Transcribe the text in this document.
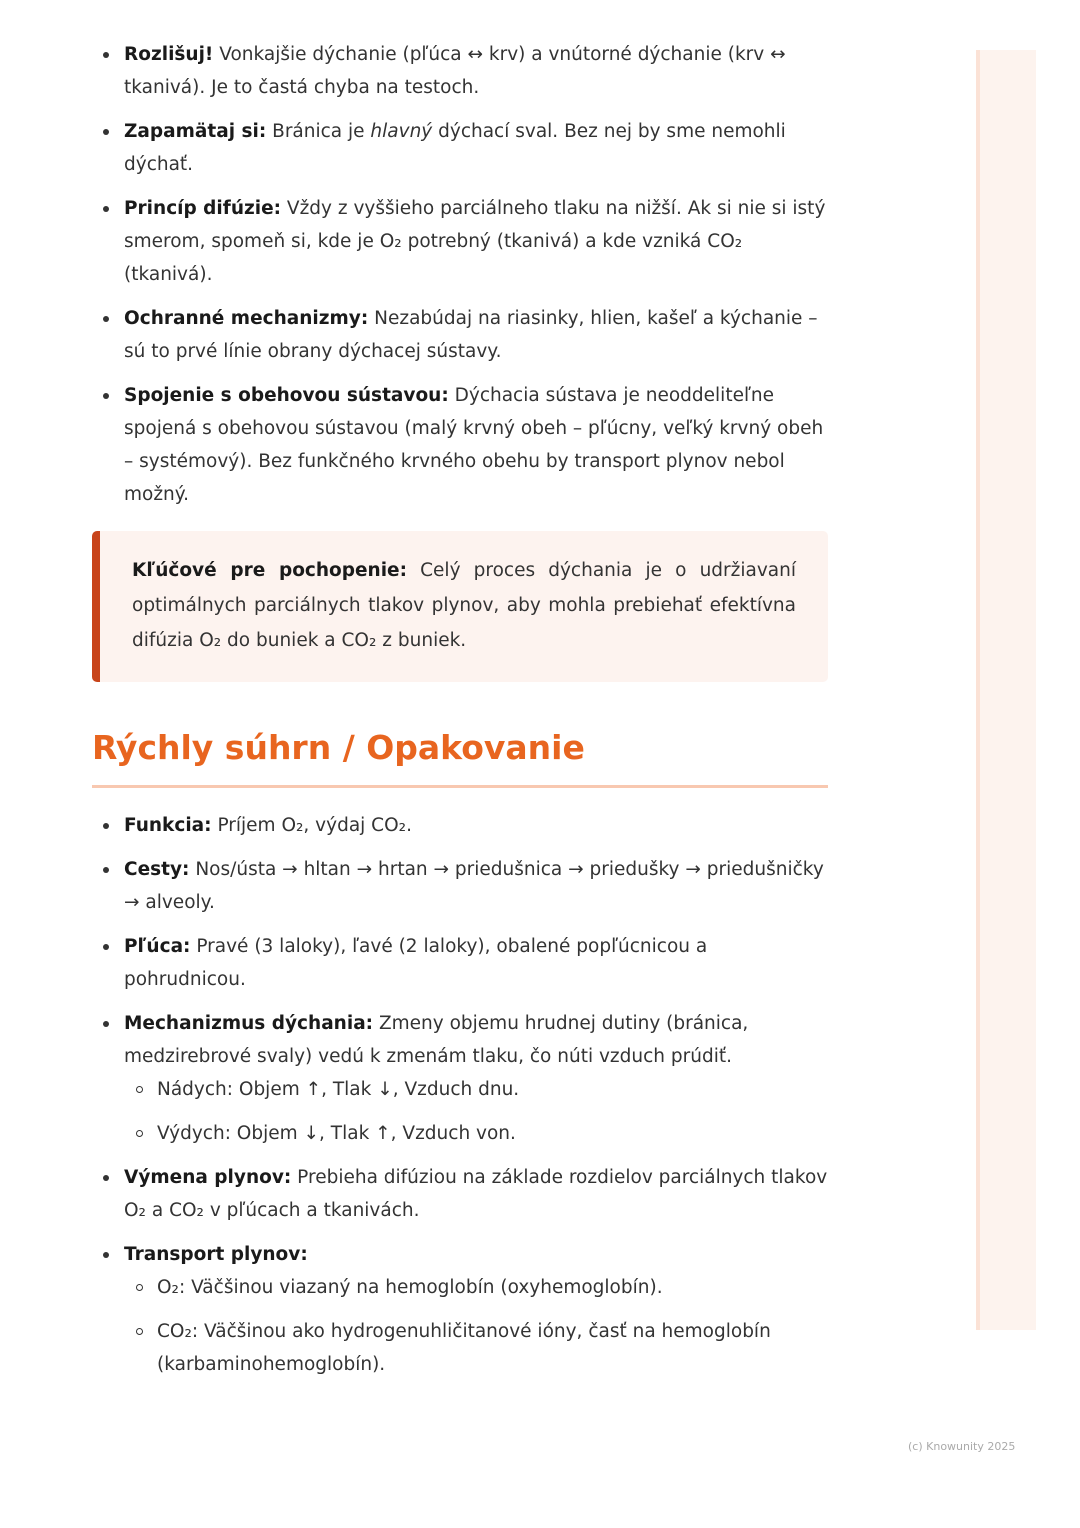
Rozlišuj! Vonkajšie dýchanie (pľúca ↔ krv) a vnútorné dýchanie (krv ↔ tkanivá). Je to častá chyba na testoch.
Zapamätaj si: Bránica je hlavný dýchací sval. Bez nej by sme nemohli dýchať.
Princíp difúzie: Vždy z vyššieho parciálneho tlaku na nižší. Ak si nie si istý smerom, spomeň si, kde je O₂ potrebný (tkanivá) a kde vzniká CO₂ (tkanivá).
Ochranné mechanizmy: Nezabúdaj na riasinky, hlien, kašeľ a kýchanie – sú to prvé línie obrany dýchacej sústavy.
Spojenie s obehovou sústavou: Dýchacia sústava je neoddeliteľne spojená s obehovou sústavou (malý krvný obeh – pľúcny, veľký krvný obeh – systémový). Bez funkčného krvného obehu by transport plynov nebol možný.
Kľúčové pre pochopenie: Celý proces dýchania je o udržiavaní optimálnych parciálnych tlakov plynov, aby mohla prebiehať efektívna difúzia O₂ do buniek a CO₂ z buniek.
Rýchly súhrn / Opakovanie
Funkcia: Príjem O₂, výdaj CO₂.
Cesty: Nos/ústa → hltan → hrtan → priedušnica → priedušky → priedušničky → alveoly.
Pľúca: Pravé (3 laloky), ľavé (2 laloky), obalené popľúcnicou a pohrudnicou.
Mechanizmus dýchania: Zmeny objemu hrudnej dutiny (bránica, medzirebrové svaly) vedú k zmenám tlaku, čo núti vzduch prúdiť.
Nádych: Objem ↑, Tlak ↓, Vzduch dnu.
Výdych: Objem ↓, Tlak ↑, Vzduch von.
Výmena plynov: Prebieha difúziou na základe rozdielov parciálnych tlakov O₂ a CO₂ v pľúcach a tkanivách.
Transport plynov:
O₂: Väčšinou viazaný na hemoglobín (oxyhemoglobín).
CO₂: Väčšinou ako hydrogenuhličitanové ióny, časť na hemoglobín (karbaminohemoglobín).
(c) Knowunity 2025
